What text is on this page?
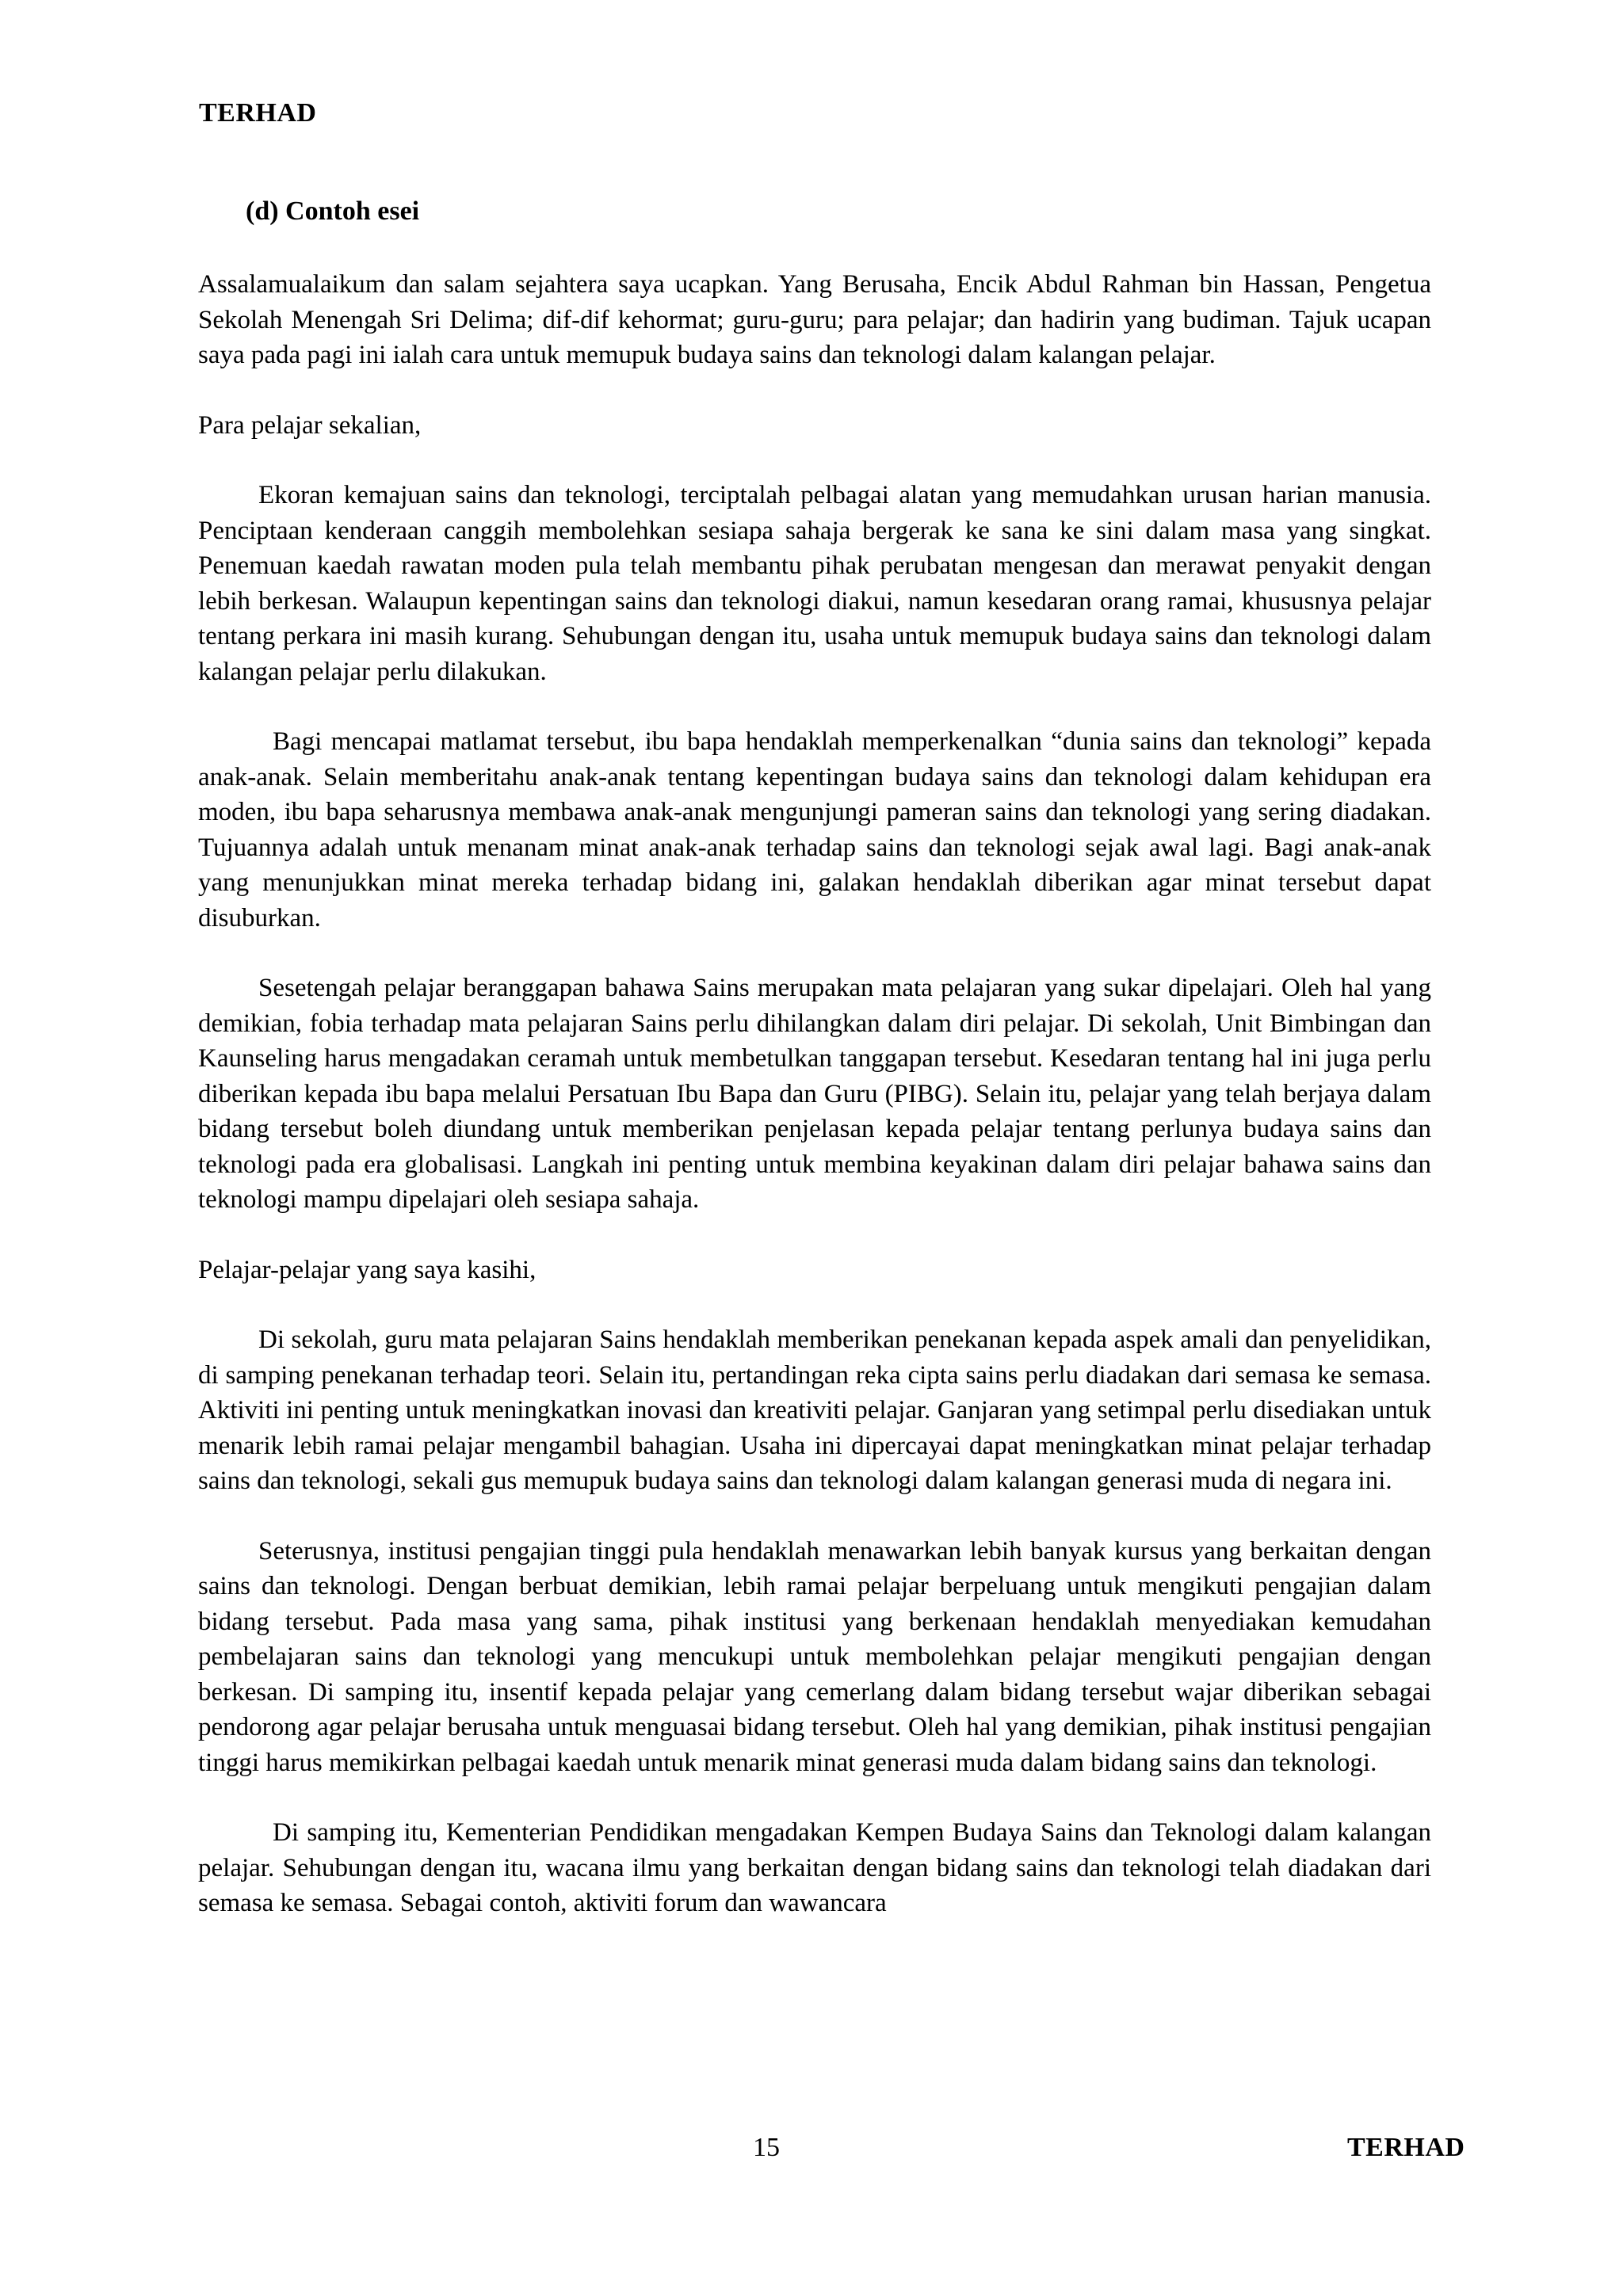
TERHAD
(d) Contoh esei

Assalamualaikum dan salam sejahtera saya ucapkan. Yang Berusaha, Encik Abdul Rahman bin Hassan, Pengetua Sekolah Menengah Sri Delima; dif-dif kehormat; guru-guru; para pelajar; dan hadirin yang budiman. Tajuk ucapan saya pada pagi ini ialah cara untuk memupuk budaya sains dan teknologi dalam kalangan pelajar.

Para pelajar sekalian,

Ekoran kemajuan sains dan teknologi, terciptalah pelbagai alatan yang memudahkan urusan harian manusia. Penciptaan kenderaan canggih membolehkan sesiapa sahaja bergerak ke sana ke sini dalam masa yang singkat. Penemuan kaedah rawatan moden pula telah membantu pihak perubatan mengesan dan merawat penyakit dengan lebih berkesan. Walaupun kepentingan sains dan teknologi diakui, namun kesedaran orang ramai, khususnya pelajar tentang perkara ini masih kurang. Sehubungan dengan itu, usaha untuk memupuk budaya sains dan teknologi dalam kalangan pelajar perlu dilakukan.

Bagi mencapai matlamat tersebut, ibu bapa hendaklah memperkenalkan “dunia sains dan teknologi” kepada anak-anak. Selain memberitahu anak-anak tentang kepentingan budaya sains dan teknologi dalam kehidupan era moden, ibu bapa seharusnya membawa anak-anak mengunjungi pameran sains dan teknologi yang sering diadakan. Tujuannya adalah untuk menanam minat anak-anak terhadap sains dan teknologi sejak awal lagi. Bagi anak-anak yang menunjukkan minat mereka terhadap bidang ini, galakan hendaklah diberikan agar minat tersebut dapat disuburkan.

Sesetengah pelajar beranggapan bahawa Sains merupakan mata pelajaran yang sukar dipelajari. Oleh hal yang demikian, fobia terhadap mata pelajaran Sains perlu dihilangkan dalam diri pelajar. Di sekolah, Unit Bimbingan dan Kaunseling harus mengadakan ceramah untuk membetulkan tanggapan tersebut. Kesedaran tentang hal ini juga perlu diberikan kepada ibu bapa melalui Persatuan Ibu Bapa dan Guru (PIBG). Selain itu, pelajar yang telah berjaya dalam bidang tersebut boleh diundang untuk memberikan penjelasan kepada pelajar tentang perlunya budaya sains dan teknologi pada era globalisasi. Langkah ini penting untuk membina keyakinan dalam diri pelajar bahawa sains dan teknologi mampu dipelajari oleh sesiapa sahaja.

Pelajar-pelajar yang saya kasihi,

Di sekolah, guru mata pelajaran Sains hendaklah memberikan penekanan kepada aspek amali dan penyelidikan, di samping penekanan terhadap teori. Selain itu, pertandingan reka cipta sains perlu diadakan dari semasa ke semasa. Aktiviti ini penting untuk meningkatkan inovasi dan kreativiti pelajar. Ganjaran yang setimpal perlu disediakan untuk menarik lebih ramai pelajar mengambil bahagian. Usaha ini dipercayai dapat meningkatkan minat pelajar terhadap sains dan teknologi, sekali gus memupuk budaya sains dan teknologi dalam kalangan generasi muda di negara ini.

Seterusnya, institusi pengajian tinggi pula hendaklah menawarkan lebih banyak kursus yang berkaitan dengan sains dan teknologi. Dengan berbuat demikian, lebih ramai pelajar berpeluang untuk mengikuti pengajian dalam bidang tersebut. Pada masa yang sama, pihak institusi yang berkenaan hendaklah menyediakan kemudahan pembelajaran sains dan teknologi yang mencukupi untuk membolehkan pelajar mengikuti pengajian dengan berkesan. Di samping itu, insentif kepada pelajar yang cemerlang dalam bidang tersebut wajar diberikan sebagai pendorong agar pelajar berusaha untuk menguasai bidang tersebut. Oleh hal yang demikian, pihak institusi pengajian tinggi harus memikirkan pelbagai kaedah untuk menarik minat generasi muda dalam bidang sains dan teknologi.

Di samping itu, Kementerian Pendidikan mengadakan Kempen Budaya Sains dan Teknologi dalam kalangan pelajar. Sehubungan dengan itu, wacana ilmu yang berkaitan dengan bidang sains dan teknologi telah diadakan dari semasa ke semasa. Sebagai contoh, aktiviti forum dan wawancara

15	TERHAD
